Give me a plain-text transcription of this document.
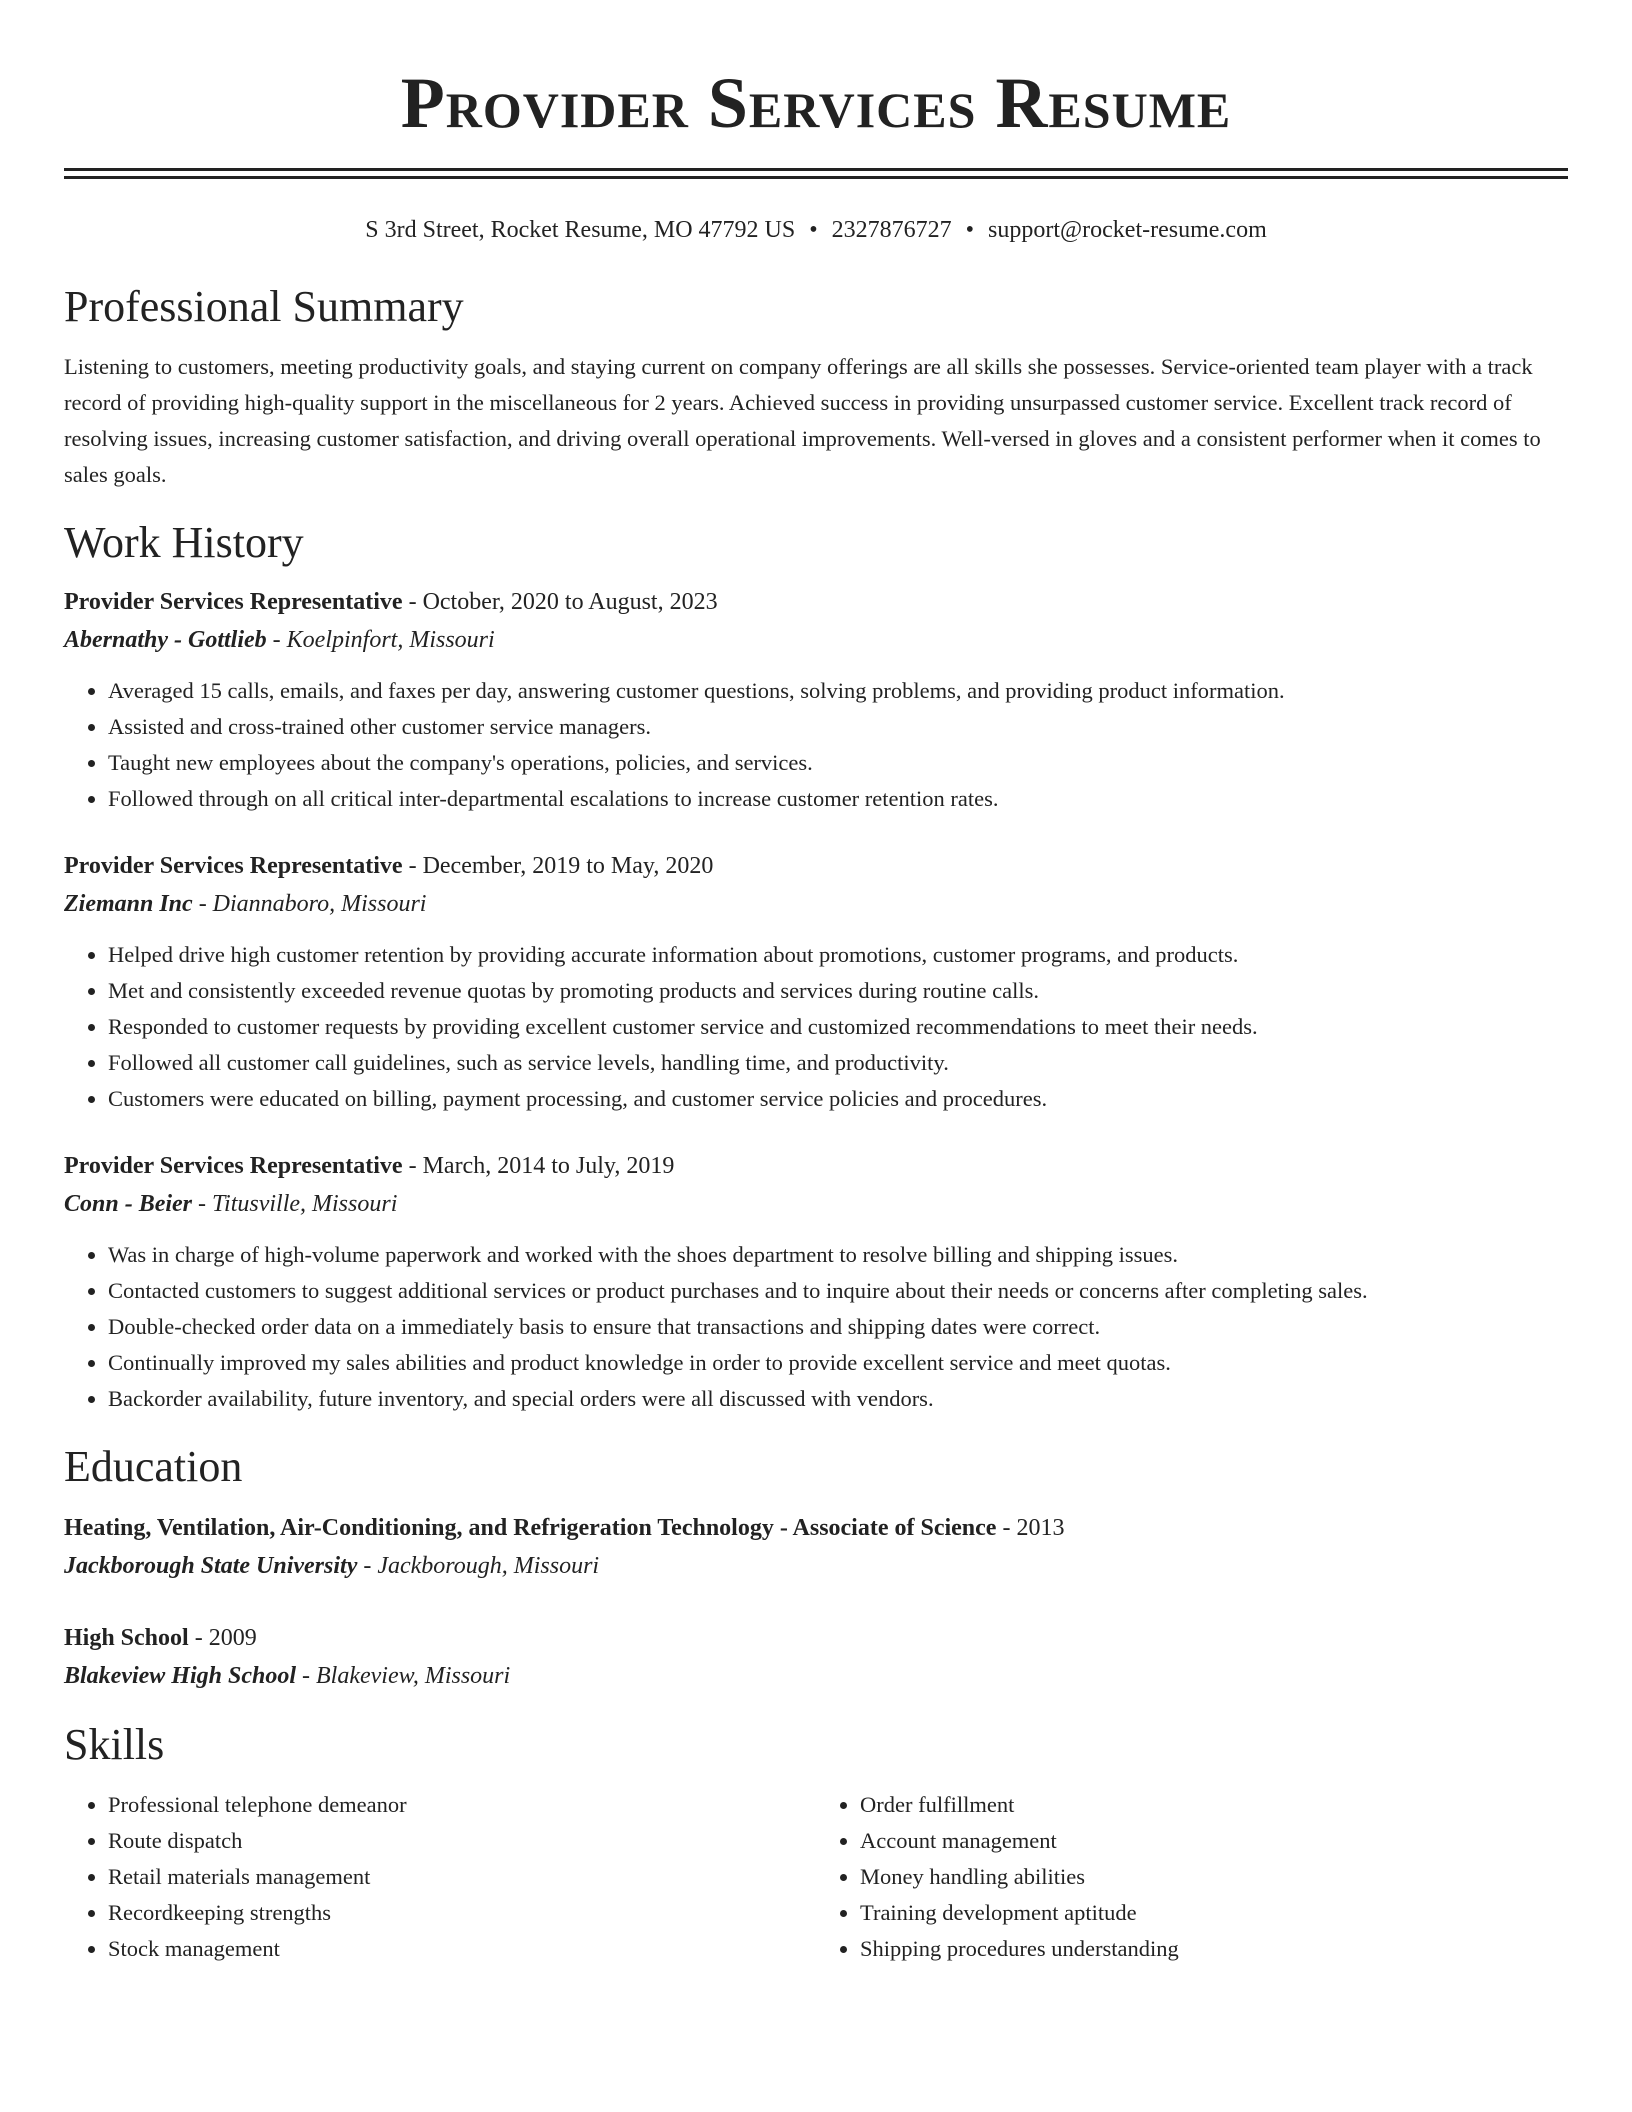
Provider Services Resume
S 3rd Street, Rocket Resume, MO 47792 US • 2327876727 • support@rocket-resume.com
Professional Summary

Listening to customers, meeting productivity goals, and staying current on company offerings are all skills she possesses. Service-oriented team player with a track record of providing high-quality support in the miscellaneous for 2 years. Achieved success in providing unsurpassed customer service. Excellent track record of resolving issues, increasing customer satisfaction, and driving overall operational improvements. Well-versed in gloves and a consistent performer when it comes to sales goals.

Work History
Provider Services Representative - October, 2020 to August, 2023
Abernathy - Gottlieb - Koelpinfort, Missouri
• Averaged 15 calls, emails, and faxes per day, answering customer questions, solving problems, and providing product information.
• Assisted and cross-trained other customer service managers.
• Taught new employees about the company's operations, policies, and services.
• Followed through on all critical inter-departmental escalations to increase customer retention rates.
Provider Services Representative - December, 2019 to May, 2020
Ziemann Inc - Diannaboro, Missouri
• Helped drive high customer retention by providing accurate information about promotions, customer programs, and products.
• Met and consistently exceeded revenue quotas by promoting products and services during routine calls.
• Responded to customer requests by providing excellent customer service and customized recommendations to meet their needs.
• Followed all customer call guidelines, such as service levels, handling time, and productivity.
• Customers were educated on billing, payment processing, and customer service policies and procedures.
Provider Services Representative - March, 2014 to July, 2019
Conn - Beier - Titusville, Missouri
• Was in charge of high-volume paperwork and worked with the shoes department to resolve billing and shipping issues.
• Contacted customers to suggest additional services or product purchases and to inquire about their needs or concerns after completing sales.
• Double-checked order data on a immediately basis to ensure that transactions and shipping dates were correct.
• Continually improved my sales abilities and product knowledge in order to provide excellent service and meet quotas.
• Backorder availability, future inventory, and special orders were all discussed with vendors.
Education
Heating, Ventilation, Air-Conditioning, and Refrigeration Technology - Associate of Science - 2013
Jackborough State University - Jackborough, Missouri
High School - 2009
Blakeview High School - Blakeview, Missouri
Skills
• Professional telephone demeanor
• Route dispatch
• Retail materials management
• Recordkeeping strengths
• Stock management
• Order fulfillment
• Account management
• Money handling abilities
• Training development aptitude
• Shipping procedures understanding
